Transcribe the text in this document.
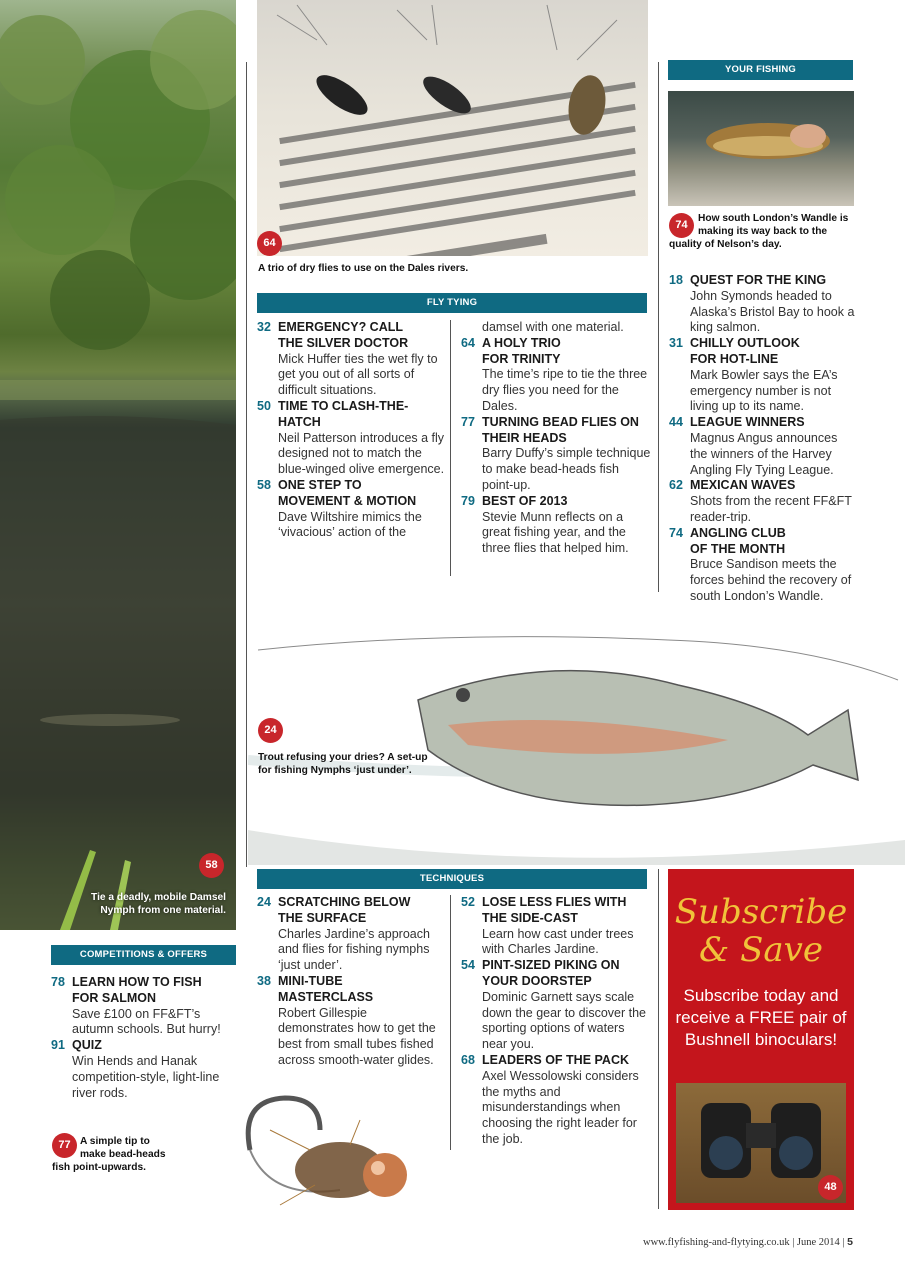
58
Tie a deadly, mobile Damsel
Nymph from one material.
64
A trio of dry flies to use on the Dales rivers.
YOUR FISHING
74
How south London’s Wandle is
making its way back to the
quality of Nelson’s day.
18 QUEST FOR THE KING
John Symonds headed to Alaska’s Bristol Bay to hook a king salmon.
31 CHILLY OUTLOOK FOR HOT-LINE
Mark Bowler says the EA’s emergency number is not living up to its name.
44 LEAGUE WINNERS
Magnus Angus announces the winners of the Harvey Angling Fly Tying League.
62 MEXICAN WAVES
Shots from the recent FF&FT reader-trip.
74 ANGLING CLUB OF THE MONTH
Bruce Sandison meets the forces behind the recovery of south London’s Wandle.
FLY TYING
32 EMERGENCY? CALL THE SILVER DOCTOR
Mick Huffer ties the wet fly to get you out of all sorts of difficult situations.
50 TIME TO CLASH-THE-HATCH
Neil Patterson introduces a fly designed not to match the blue-winged olive emergence.
58 ONE STEP TO MOVEMENT & MOTION
Dave Wiltshire mimics the ‘vivacious’ action of the
damsel with one material.
64 A HOLY TRIO FOR TRINITY
The time’s ripe to tie the three dry flies you need for the Dales.
77 TURNING BEAD FLIES ON THEIR HEADS
Barry Duffy’s simple technique to make bead-heads fish point-up.
79 BEST OF 2013
Stevie Munn reflects on a great fishing year, and the three flies that helped him.
24
Trout refusing your dries? A set-up
for fishing Nymphs ‘just under’.
TECHNIQUES
24 SCRATCHING BELOW THE SURFACE
Charles Jardine’s approach and flies for fishing nymphs ‘just under’.
38 MINI-TUBE MASTERCLASS
Robert Gillespie demonstrates how to get the best from small tubes fished across smooth-water glides.
52 LOSE LESS FLIES WITH THE SIDE-CAST
Learn how cast under trees with Charles Jardine.
54 PINT-SIZED PIKING ON YOUR DOORSTEP
Dominic Garnett says scale down the gear to discover the sporting options of waters near you.
68 LEADERS OF THE PACK
Axel Wessolowski considers the myths and misunderstandings when choosing the right leader for the job.
COMPETITIONS & OFFERS
78 LEARN HOW TO FISH FOR SALMON
Save £100 on FF&FT’s autumn schools. But hurry!
91 QUIZ
Win Hends and Hanak competition-style, light-line river rods.
77 A simple tip to
make bead-heads
fish point-upwards.
Subscribe
& Save
Subscribe today and receive a FREE pair of Bushnell binoculars!
48
www.flyfishing-and-flytying.co.uk | June 2014 | 5
